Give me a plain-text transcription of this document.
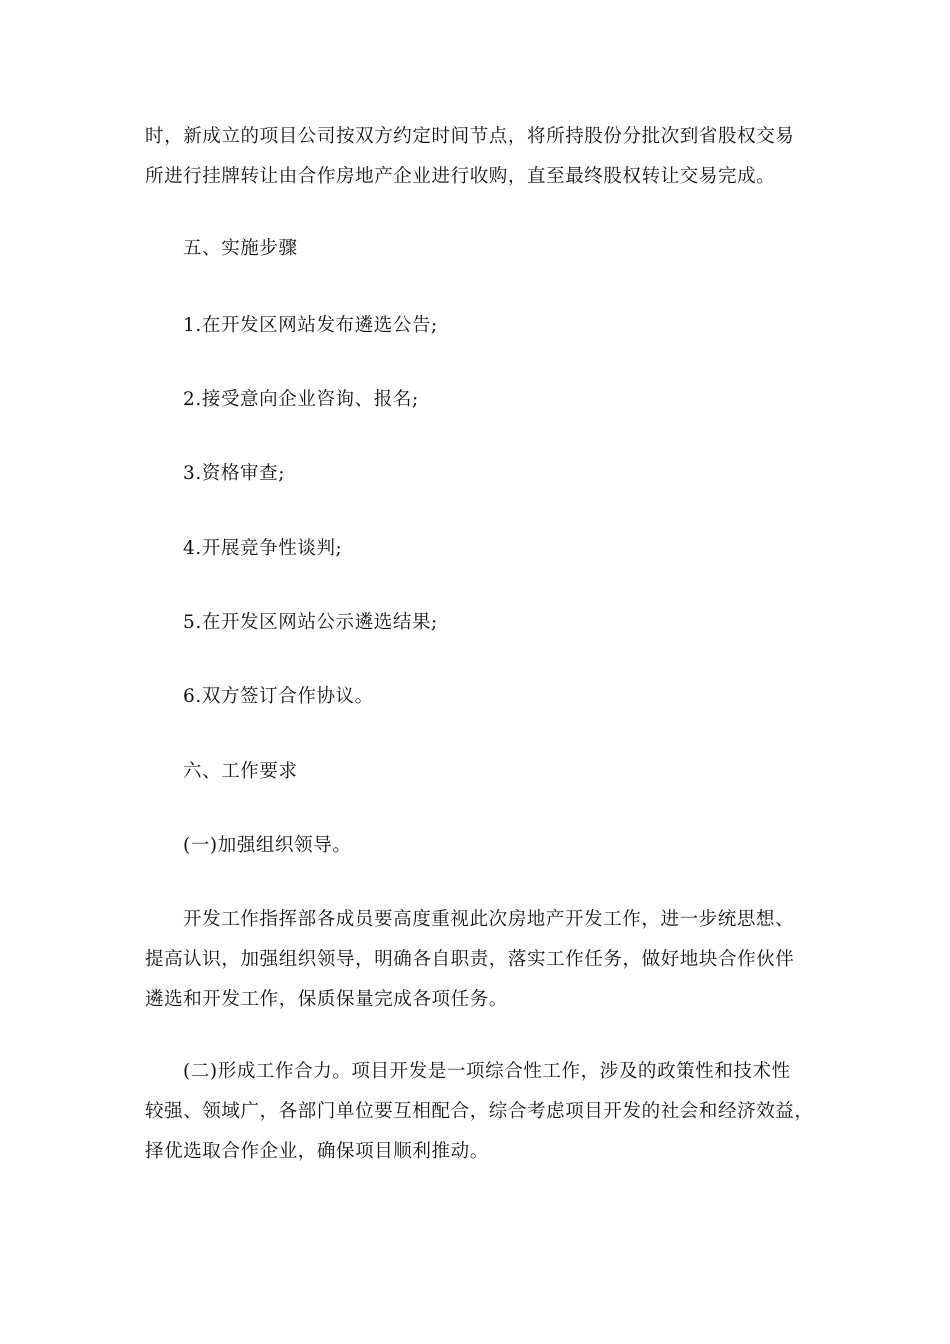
时，新成立的项目公司按双方约定时间节点，将所持股份分批次到省股权交易
所进行挂牌转让由合作房地产企业进行收购，直至最终股权转让交易完成。

五、实施步骤

1.在开发区网站发布遴选公告;

2.接受意向企业咨询、报名;

3.资格审查;

4.开展竞争性谈判;

5.在开发区网站公示遴选结果;

6.双方签订合作协议。

六、工作要求

(一)加强组织领导。

开发工作指挥部各成员要高度重视此次房地产开发工作，进一步统思想、
提高认识，加强组织领导，明确各自职责，落实工作任务，做好地块合作伙伴
遴选和开发工作，保质保量完成各项任务。

(二)形成工作合力。项目开发是一项综合性工作，涉及的政策性和技术性
较强、领域广，各部门单位要互相配合，综合考虑项目开发的社会和经济效益，
择优选取合作企业，确保项目顺利推动。
